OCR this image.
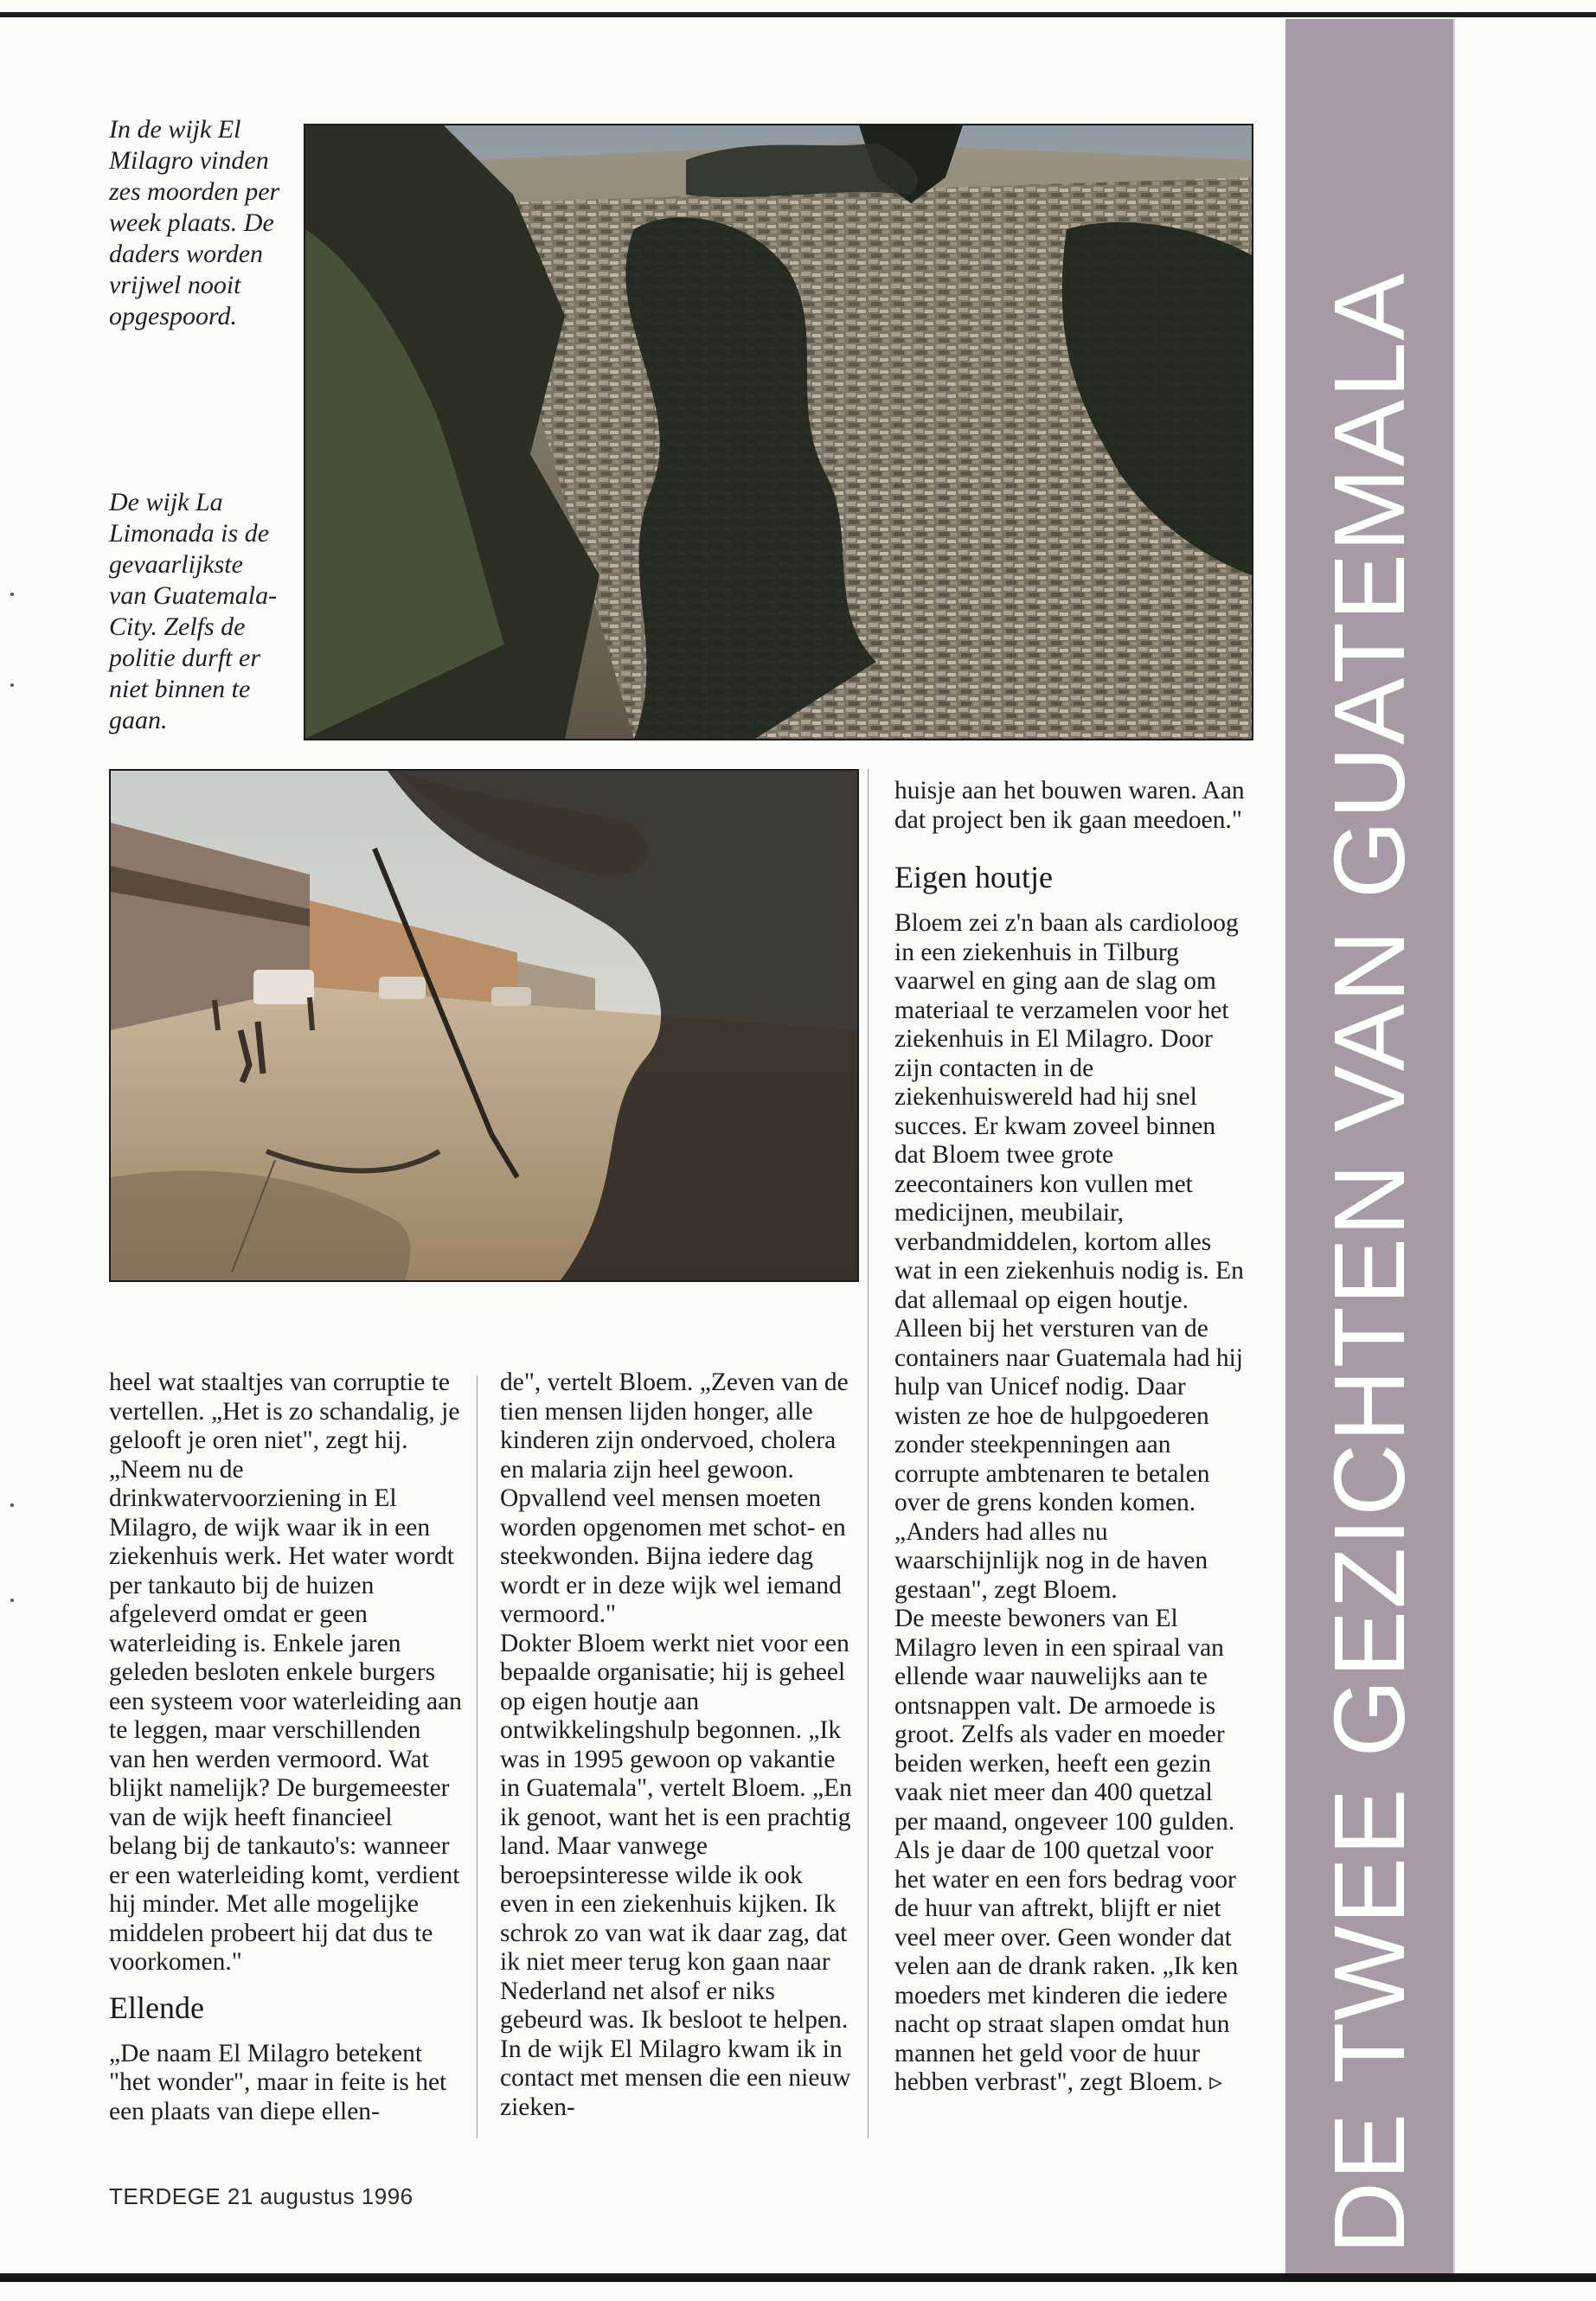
DE TWEE GEZICHTEN VAN GUATEMALA
In de wijk El Milagro vinden zes moorden per week plaats. De daders worden vrijwel nooit opgespoord.
De wijk La Limonada is de gevaarlijkste van Guatemala-City. Zelfs de politie durft er niet binnen te gaan.

heel wat staaltjes van corruptie te vertellen. „Het is zo schandalig, je gelooft je oren niet", zegt hij. „Neem nu de drinkwatervoorziening in El Milagro, de wijk waar ik in een ziekenhuis werk. Het water wordt per tankauto bij de huizen afgeleverd omdat er geen waterleiding is. Enkele jaren geleden besloten enkele burgers een systeem voor waterleiding aan te leggen, maar verschillenden van hen werden vermoord. Wat blijkt namelijk? De burgemeester van de wijk heeft financieel belang bij de tankauto's: wanneer er een waterleiding komt, verdient hij minder. Met alle mogelijke middelen probeert hij dat dus te voorkomen."

Ellende

„De naam El Milagro betekent "het wonder", maar in feite is het een plaats van diepe ellen-

de", vertelt Bloem. „Zeven van de tien mensen lijden honger, alle kinderen zijn ondervoed, cholera en malaria zijn heel gewoon. Opvallend veel mensen moeten worden opgenomen met schot- en steekwonden. Bijna iedere dag wordt er in deze wijk wel iemand vermoord."

Dokter Bloem werkt niet voor een bepaalde organisatie; hij is geheel op eigen houtje aan ontwikkelingshulp begonnen. „Ik was in 1995 gewoon op vakantie in Guatemala", vertelt Bloem. „En ik genoot, want het is een prachtig land. Maar vanwege beroepsinteresse wilde ik ook even in een ziekenhuis kijken. Ik schrok zo van wat ik daar zag, dat ik niet meer terug kon gaan naar Nederland net alsof er niks gebeurd was. Ik besloot te helpen. In de wijk El Milagro kwam ik in contact met mensen die een nieuw zieken-

huisje aan het bouwen waren. Aan dat project ben ik gaan meedoen."

Eigen houtje

Bloem zei z'n baan als cardioloog in een ziekenhuis in Tilburg vaarwel en ging aan de slag om materiaal te verzamelen voor het ziekenhuis in El Milagro. Door zijn contacten in de ziekenhuiswereld had hij snel succes. Er kwam zoveel binnen dat Bloem twee grote zeecontainers kon vullen met medicijnen, meubilair, verbandmiddelen, kortom alles wat in een ziekenhuis nodig is. En dat allemaal op eigen houtje. Alleen bij het versturen van de containers naar Guatemala had hij hulp van Unicef nodig. Daar wisten ze hoe de hulpgoederen zonder steekpenningen aan corrupte ambtenaren te betalen over de grens konden komen. „Anders had alles nu waarschijnlijk nog in de haven gestaan", zegt Bloem.

De meeste bewoners van El Milagro leven in een spiraal van ellende waar nauwelijks aan te ontsnappen valt. De armoede is groot. Zelfs als vader en moeder beiden werken, heeft een gezin vaak niet meer dan 400 quetzal per maand, ongeveer 100 gulden. Als je daar de 100 quetzal voor het water en een fors bedrag voor de huur van aftrekt, blijft er niet veel meer over. Geen wonder dat velen aan de drank raken. „Ik ken moeders met kinderen die iedere nacht op straat slapen omdat hun mannen het geld voor de huur hebben verbrast", zegt Bloem. ▹

TERDEGE 21 augustus 1996
